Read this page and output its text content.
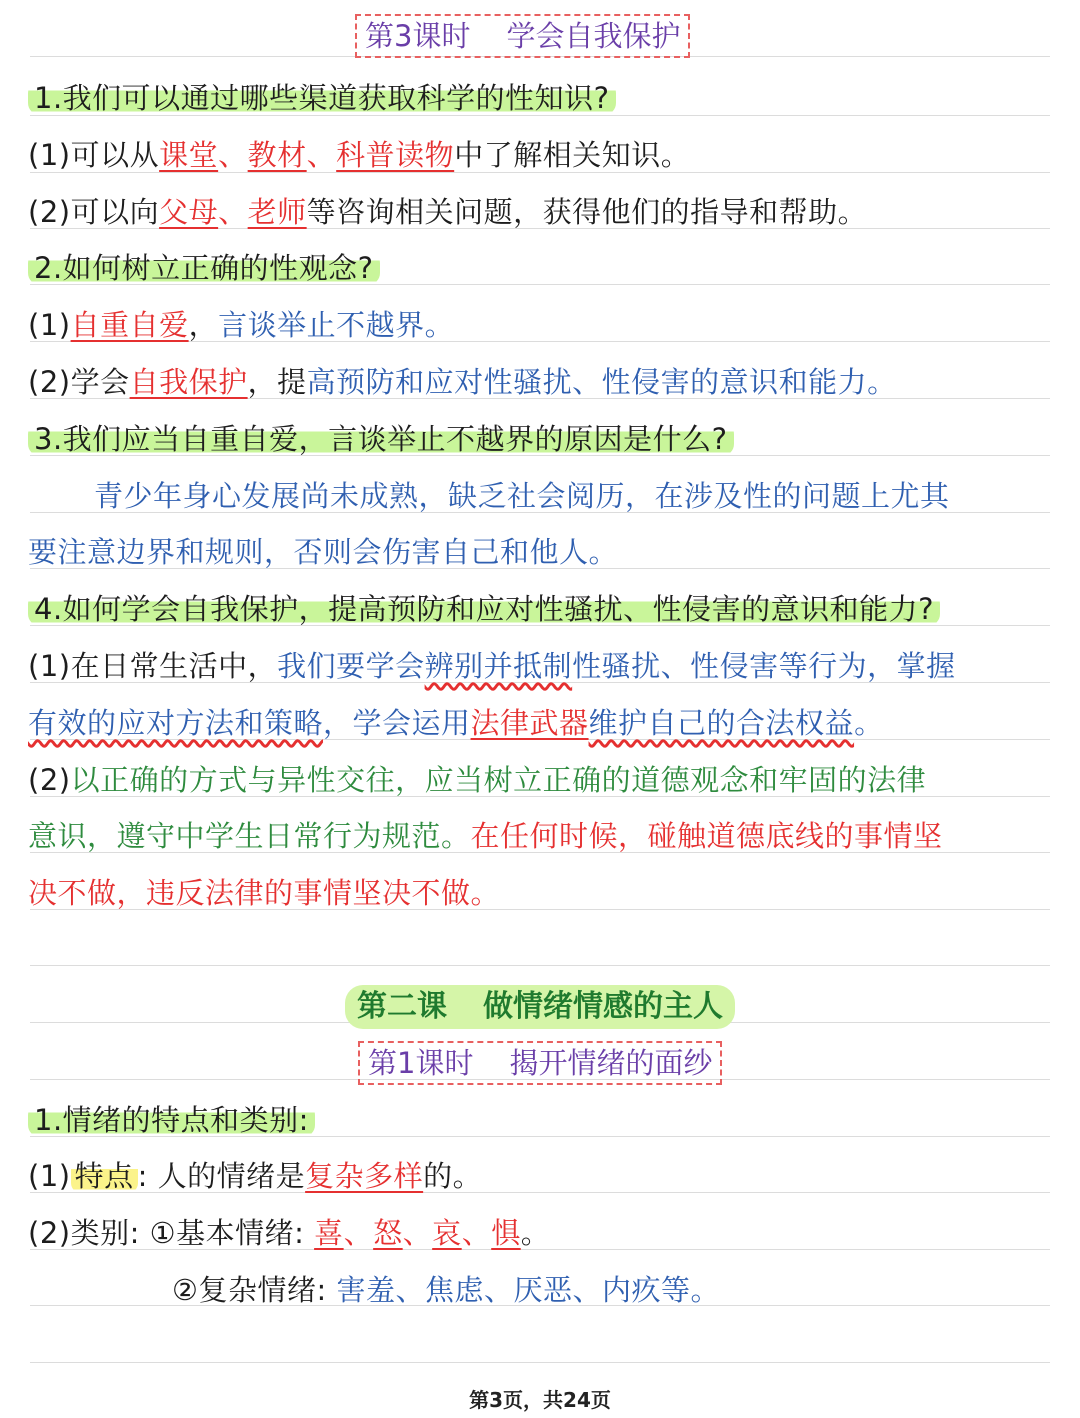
第3课时 学会自我保护
1.我们可以通过哪些渠道获取科学的性知识?
(1)可以从课堂、教材、科普读物中了解相关知识。
(2)可以向父母、老师等咨询相关问题，获得他们的指导和帮助。
2.如何树立正确的性观念?
(1)自重自爱，言谈举止不越界。
(2)学会自我保护，提高预防和应对性骚扰、性侵害的意识和能力。
3.我们应当自重自爱，言谈举止不越界的原因是什么?
青少年身心发展尚未成熟，缺乏社会阅历，在涉及性的问题上尤其
要注意边界和规则，否则会伤害自己和他人。
4.如何学会自我保护，提高预防和应对性骚扰、性侵害的意识和能力?
(1)在日常生活中，我们要学会辨别并抵制性骚扰、性侵害等行为，掌握
有效的应对方法和策略，学会运用法律武器维护自己的合法权益。
(2)以正确的方式与异性交往，应当树立正确的道德观念和牢固的法律
意识，遵守中学生日常行为规范。在任何时候，碰触道德底线的事情坚
决不做，违反法律的事情坚决不做。
第二课 做情绪情感的主人
第1课时 揭开情绪的面纱
1.情绪的特点和类别:
(1) 特点 : 人的情绪是复杂多样的。
(2)类别: ①基本情绪: 喜、怒、哀、惧。
②复杂情绪: 害羞、焦虑、厌恶、内疚等。
第3页，共24页
